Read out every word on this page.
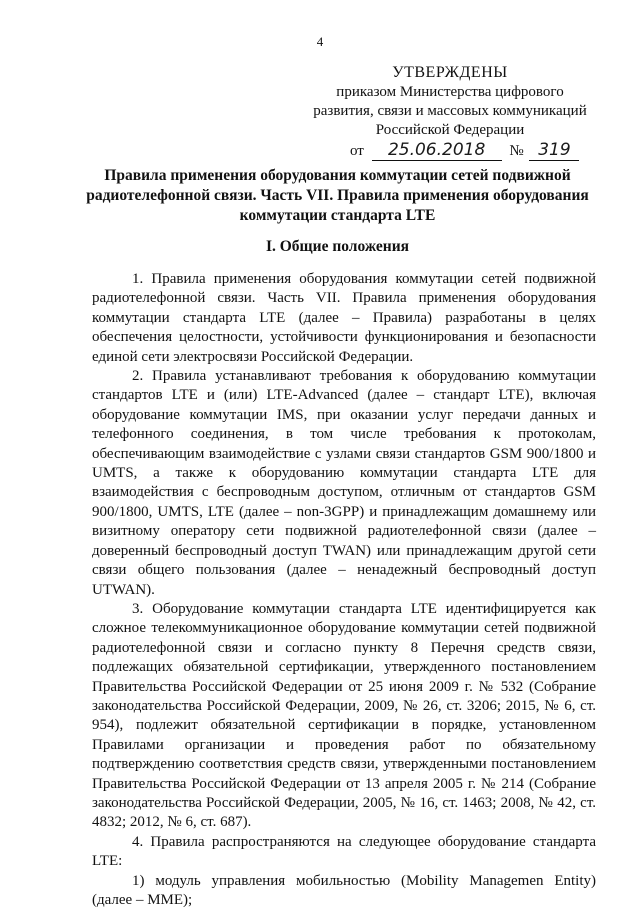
4
УТВЕРЖДЕНЫ
приказом Министерства цифрового
развития, связи и массовых коммуникаций
Российской Федерации
от 25.06.2018 № 319
Правила применения оборудования коммутации сетей подвижной радиотелефонной связи. Часть VII. Правила применения оборудования коммутации стандарта LTE
I. Общие положения

1. Правила применения оборудования коммутации сетей подвижной радиотелефонной связи. Часть VII. Правила применения оборудования коммутации стандарта LTE (далее – Правила) разработаны в целях обеспечения целостности, устойчивости функционирования и безопасности единой сети электросвязи Российской Федерации.

2. Правила устанавливают требования к оборудованию коммутации стандартов LTE и (или) LTE-Advanced (далее – стандарт LTE), включая оборудование коммутации IMS, при оказании услуг передачи данных и телефонного соединения, в том числе требования к протоколам, обеспечивающим взаимодействие с узлами связи стандартов GSM 900/1800 и UMTS, а также к оборудованию коммутации стандарта LTE для взаимодействия с беспроводным доступом, отличным от стандартов GSM 900/1800, UMTS, LTE (далее – non-3GPP) и принадлежащим домашнему или визитному оператору сети подвижной радиотелефонной связи (далее – доверенный беспроводный доступ TWAN) или принадлежащим другой сети связи общего пользования (далее – ненадежный беспроводный доступ UTWAN).

3. Оборудование коммутации стандарта LTE идентифицируется как сложное телекоммуникационное оборудование коммутации сетей подвижной радиотелефонной связи и согласно пункту 8 Перечня средств связи, подлежащих обязательной сертификации, утвержденного постановлением Правительства Российской Федерации от 25 июня 2009 г. № 532 (Собрание законодательства Российской Федерации, 2009, № 26, ст. 3206; 2015, № 6, ст. 954), подлежит обязательной сертификации в порядке, установленном Правилами организации и проведения работ по обязательному подтверждению соответствия средств связи, утвержденными постановлением Правительства Российской Федерации от 13 апреля 2005 г. № 214 (Собрание законодательства Российской Федерации, 2005, № 16, ст. 1463; 2008, № 42, ст. 4832; 2012, № 6, ст. 687).

4. Правила распространяются на следующее оборудование стандарта LTE:

1) модуль управления мобильностью (Mobility Managemen Entity) (далее – MME);
